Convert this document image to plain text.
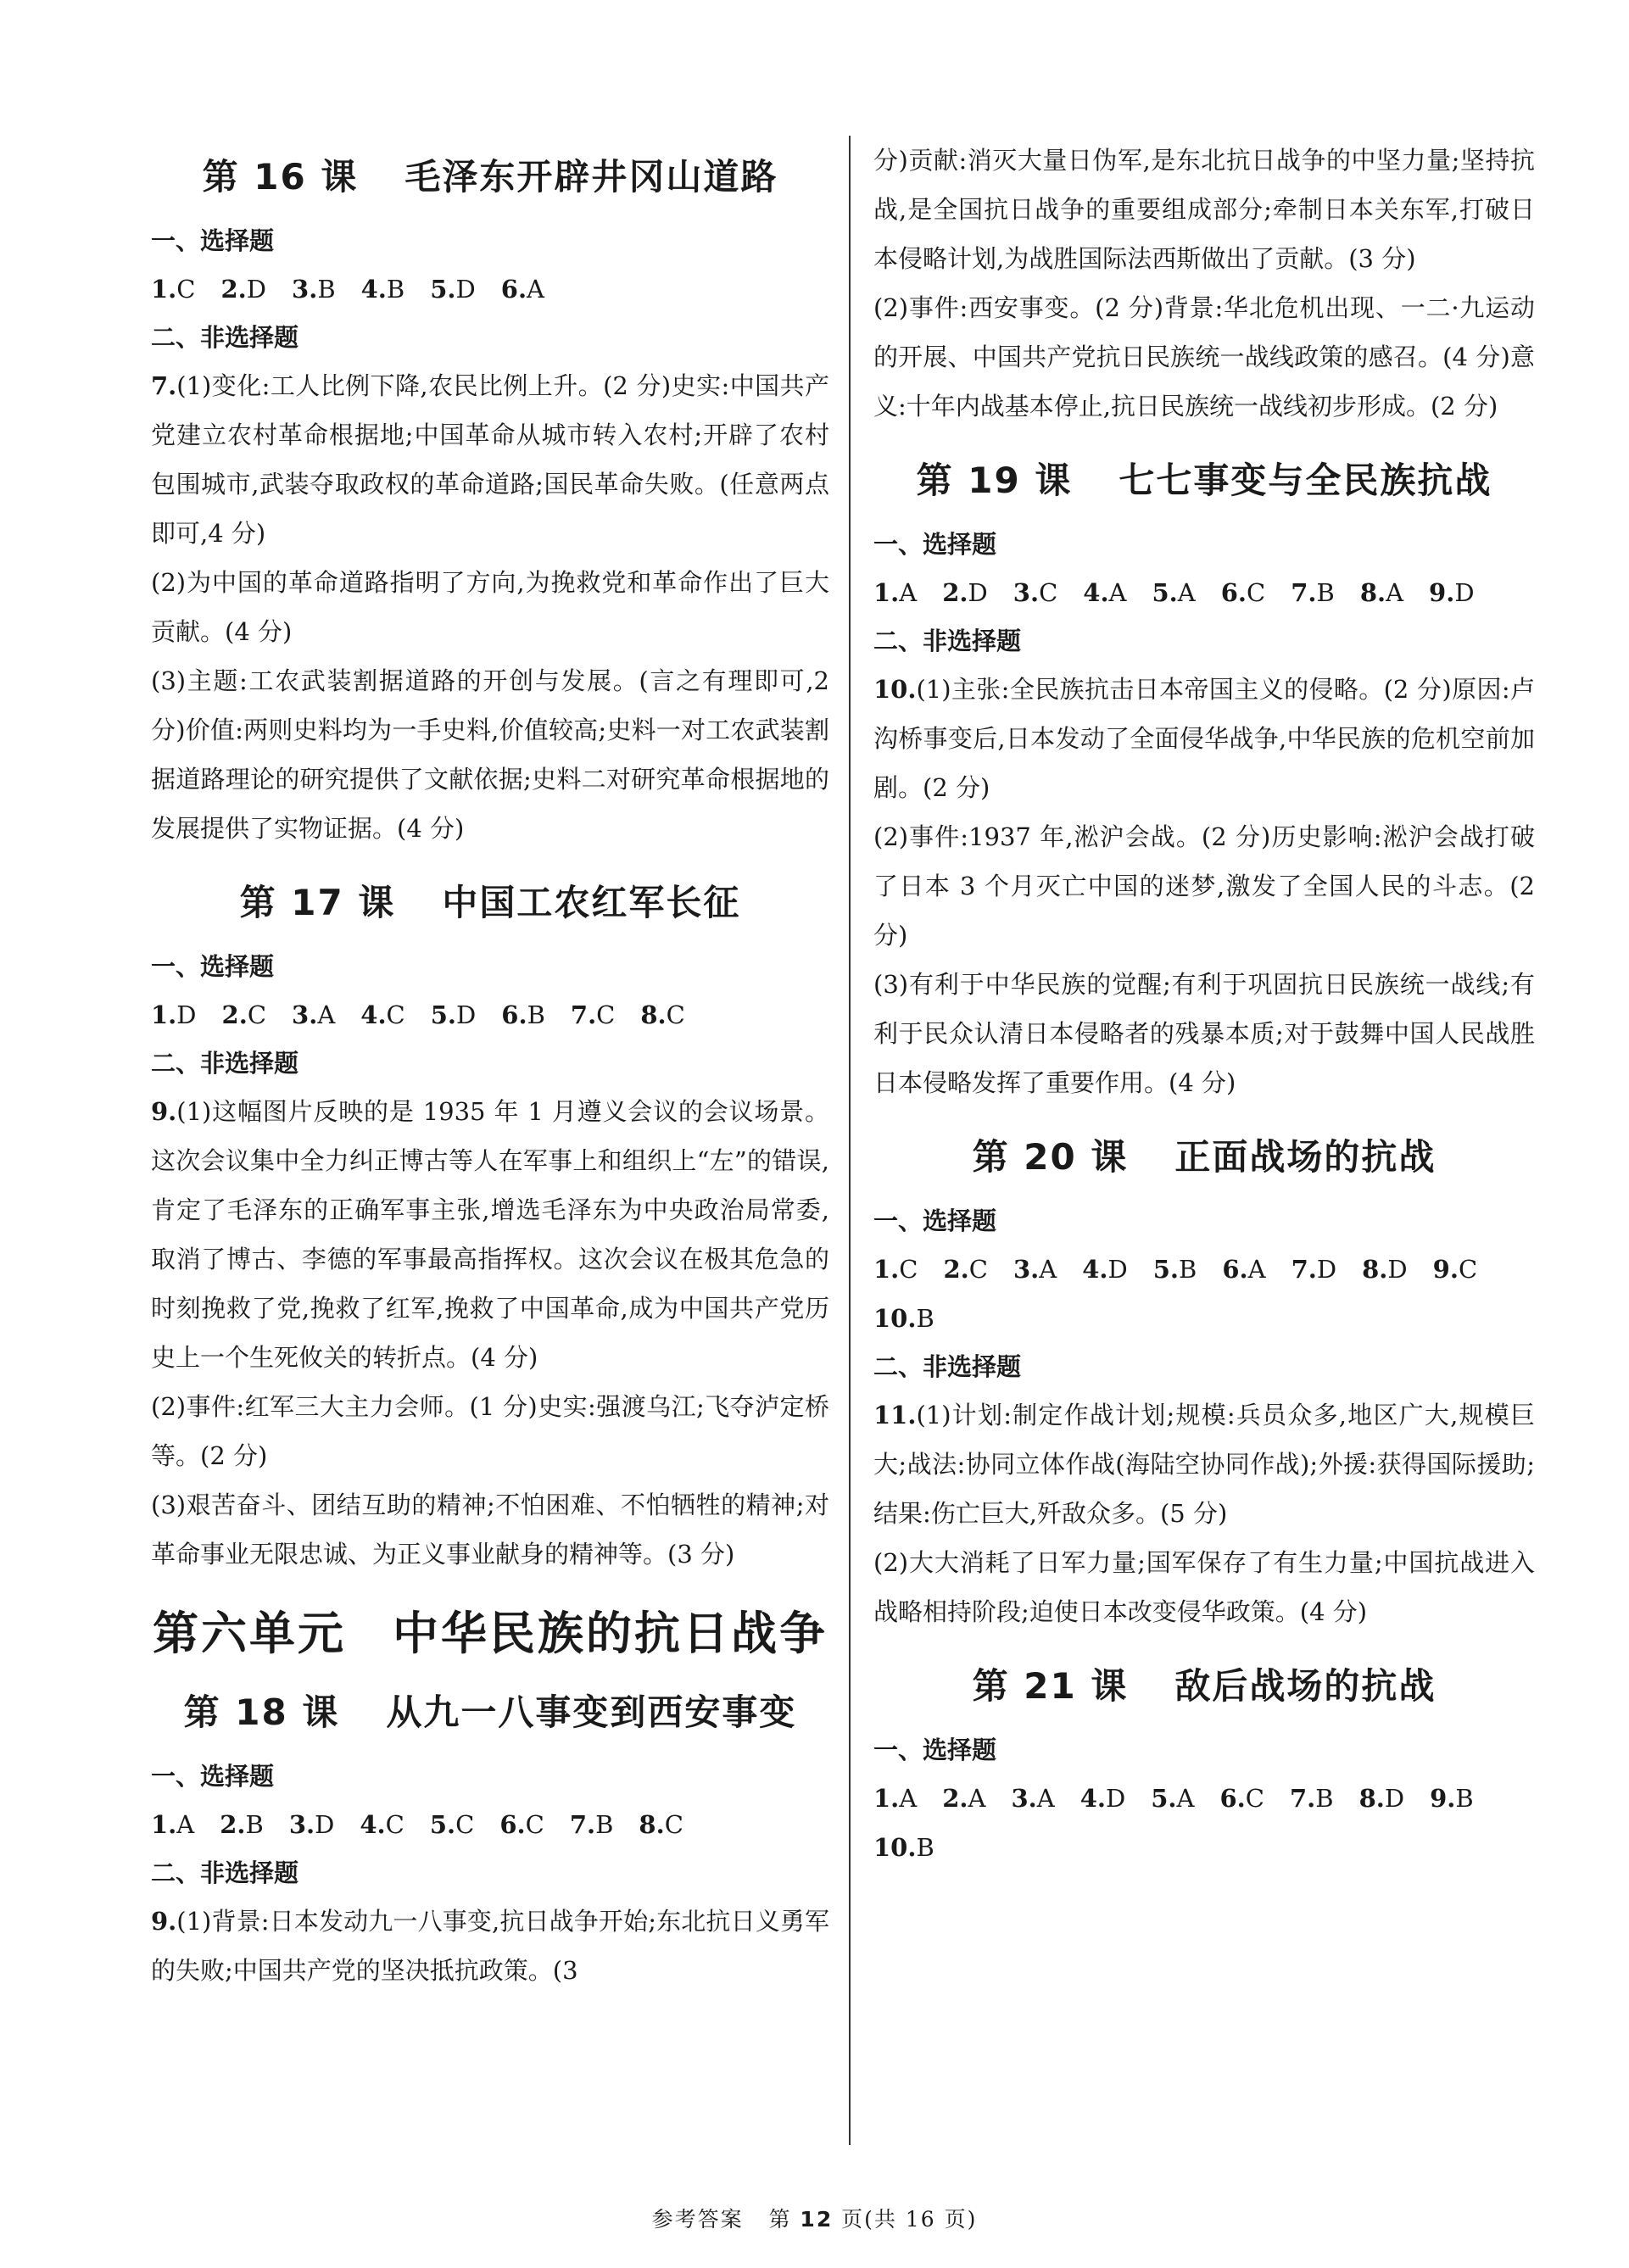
第 16 课 毛泽东开辟井冈山道路
一、选择题
1.C 2.D 3.B 4.B 5.D 6.A
二、非选择题

7.(1)变化:工人比例下降,农民比例上升。(2 分)史实:中国共产党建立农村革命根据地;中国革命从城市转入农村;开辟了农村包围城市,武装夺取政权的革命道路;国民革命失败。(任意两点即可,4 分)

(2)为中国的革命道路指明了方向,为挽救党和革命作出了巨大贡献。(4 分)

(3)主题:工农武装割据道路的开创与发展。(言之有理即可,2 分)价值:两则史料均为一手史料,价值较高;史料一对工农武装割据道路理论的研究提供了文献依据;史料二对研究革命根据地的发展提供了实物证据。(4 分)

第 17 课 中国工农红军长征
一、选择题
1.D 2.C 3.A 4.C 5.D 6.B 7.C 8.C
二、非选择题

9.(1)这幅图片反映的是 1935 年 1 月遵义会议的会议场景。这次会议集中全力纠正博古等人在军事上和组织上“左”的错误,肯定了毛泽东的正确军事主张,增选毛泽东为中央政治局常委,取消了博古、李德的军事最高指挥权。这次会议在极其危急的时刻挽救了党,挽救了红军,挽救了中国革命,成为中国共产党历史上一个生死攸关的转折点。(4 分)

(2)事件:红军三大主力会师。(1 分)史实:强渡乌江;飞夺泸定桥等。(2 分)

(3)艰苦奋斗、团结互助的精神;不怕困难、不怕牺牲的精神;对革命事业无限忠诚、为正义事业献身的精神等。(3 分)

第六单元 中华民族的抗日战争
第 18 课 从九一八事变到西安事变
一、选择题
1.A 2.B 3.D 4.C 5.C 6.C 7.B 8.C
二、非选择题

9.(1)背景:日本发动九一八事变,抗日战争开始;东北抗日义勇军的失败;中国共产党的坚决抵抗政策。(3

分)贡献:消灭大量日伪军,是东北抗日战争的中坚力量;坚持抗战,是全国抗日战争的重要组成部分;牵制日本关东军,打破日本侵略计划,为战胜国际法西斯做出了贡献。(3 分)

(2)事件:西安事变。(2 分)背景:华北危机出现、一二·九运动的开展、中国共产党抗日民族统一战线政策的感召。(4 分)意义:十年内战基本停止,抗日民族统一战线初步形成。(2 分)

第 19 课 七七事变与全民族抗战
一、选择题
1.A 2.D 3.C 4.A 5.A 6.C 7.B 8.A 9.D
二、非选择题

10.(1)主张:全民族抗击日本帝国主义的侵略。(2 分)原因:卢沟桥事变后,日本发动了全面侵华战争,中华民族的危机空前加剧。(2 分)

(2)事件:1937 年,淞沪会战。(2 分)历史影响:淞沪会战打破了日本 3 个月灭亡中国的迷梦,激发了全国人民的斗志。(2 分)

(3)有利于中华民族的觉醒;有利于巩固抗日民族统一战线;有利于民众认清日本侵略者的残暴本质;对于鼓舞中国人民战胜日本侵略发挥了重要作用。(4 分)

第 20 课 正面战场的抗战
一、选择题
1.C 2.C 3.A 4.D 5.B 6.A 7.D 8.D 9.C
10.B
二、非选择题

11.(1)计划:制定作战计划;规模:兵员众多,地区广大,规模巨大;战法:协同立体作战(海陆空协同作战);外援:获得国际援助;结果:伤亡巨大,歼敌众多。(5 分)

(2)大大消耗了日军力量;国军保存了有生力量;中国抗战进入战略相持阶段;迫使日本改变侵华政策。(4 分)

第 21 课 敌后战场的抗战
一、选择题
1.A 2.A 3.A 4.D 5.A 6.C 7.B 8.D 9.B
10.B
参考答案 第 12 页(共 16 页)
